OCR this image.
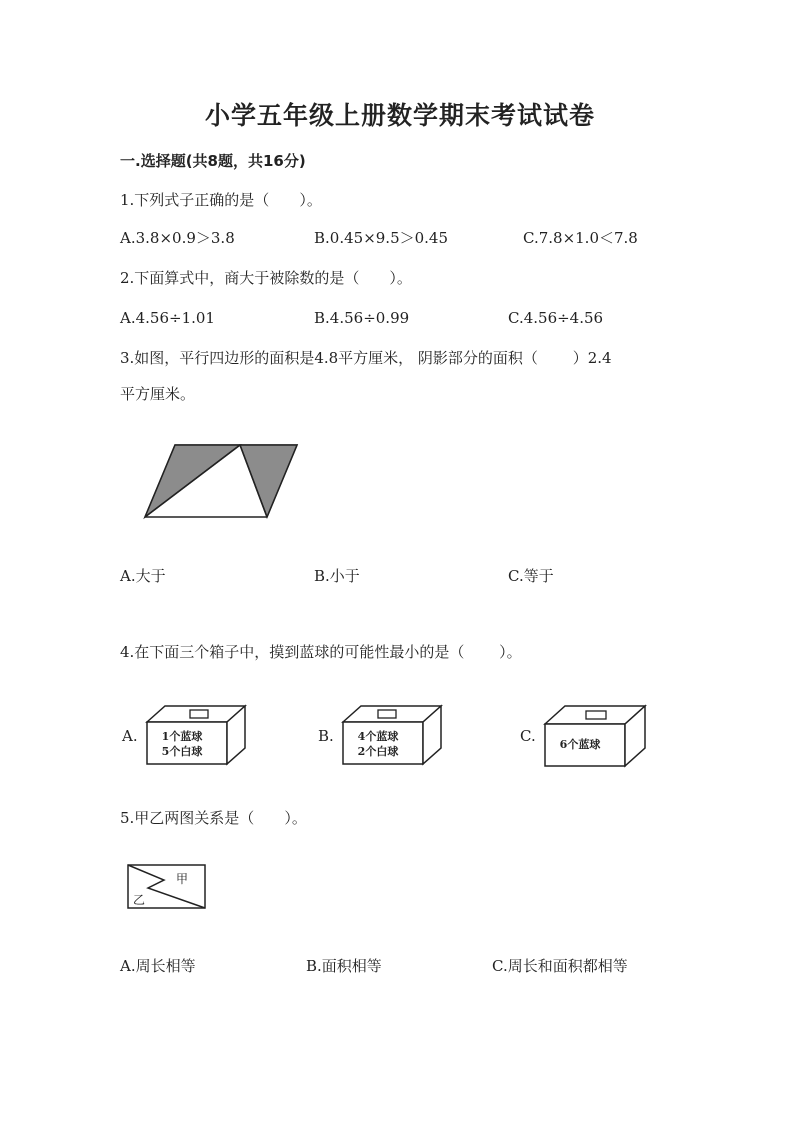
小学五年级上册数学期末考试试卷
一.选择题(共8题，共16分)
1.下列式子正确的是（　　）。
A.3.8×0.9＞3.8	B.0.45×9.5＞0.45	C.7.8×1.0＜7.8
2.下面算式中，商大于被除数的是（　　）。
A.4.56÷1.01	B.4.56÷0.99	C.4.56÷4.56
3.如图，平行四边形的面积是4.8平方厘米， 阴影部分的面积（　　 ）2.4
平方厘米。
A.大于	B.小于	C.等于
4.在下面三个箱子中，摸到蓝球的可能性最小的是（　　 ）。
A.	1个蓝球
5个白球
B.	4个蓝球
2个白球
C.	6个蓝球
5.甲乙两图关系是（　　）。
甲
乙
A.周长相等	B.面积相等	C.周长和面积都相等
